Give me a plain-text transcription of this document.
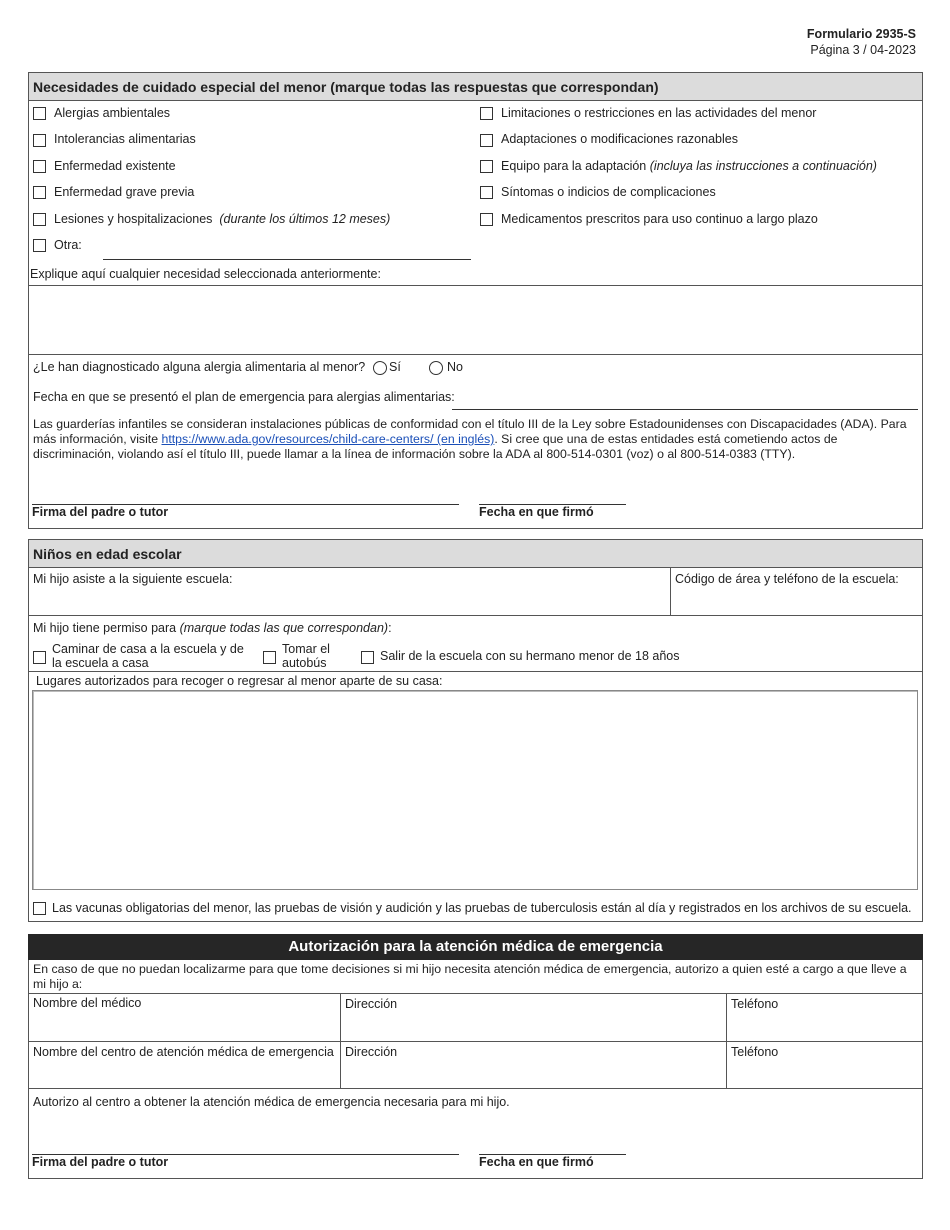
Formulario 2935-S
Página 3 / 04-2023
Necesidades de cuidado especial del menor (marque todas las respuestas que correspondan)
Alergias ambientales
Intolerancias alimentarias
Enfermedad existente
Enfermedad grave previa
Lesiones y hospitalizaciones (durante los últimos 12 meses)
Otra:
Limitaciones o restricciones en las actividades del menor
Adaptaciones o modificaciones razonables
Equipo para la adaptación (incluya las instrucciones a continuación)
Síntomas o indicios de complicaciones
Medicamentos prescritos para uso continuo a largo plazo
Explique aquí cualquier necesidad seleccionada anteriormente:
¿Le han diagnosticado alguna alergia alimentaria al menor? Sí	No
Fecha en que se presentó el plan de emergencia para alergias alimentarias:
Las guarderías infantiles se consideran instalaciones públicas de conformidad con el título III de la Ley sobre Estadounidenses con Discapacidades (ADA). Para más información, visite https://www.ada.gov/resources/child-care-centers/ (en inglés). Si cree que una de estas entidades está cometiendo actos de discriminación, violando así el título III, puede llamar a la línea de información sobre la ADA al 800-514-0301 (voz) o al 800-514-0383 (TTY).
Firma del padre o tutor	Fecha en que firmó
Niños en edad escolar
Mi hijo asiste a la siguiente escuela:	Código de área y teléfono de la escuela:
Mi hijo tiene permiso para (marque todas las que correspondan):
Caminar de casa a la escuela y de
la escuela a casa
Tomar el
autobús	Salir de la escuela con su hermano menor de 18 años
Lugares autorizados para recoger o regresar al menor aparte de su casa:
Las vacunas obligatorias del menor, las pruebas de visión y audición y las pruebas de tuberculosis están al día y registrados en los archivos de su escuela.
Autorización para la atención médica de emergencia
En caso de que no puedan localizarme para que tome decisiones si mi hijo necesita atención médica de emergencia, autorizo a quien esté a cargo a que lleve a mi hijo a:
Nombre del médico	Dirección	Teléfono
Nombre del centro de atención médica de emergencia Dirección	Teléfono
Autorizo al centro a obtener la atención médica de emergencia necesaria para mi hijo.
Firma del padre o tutor	Fecha en que firmó
